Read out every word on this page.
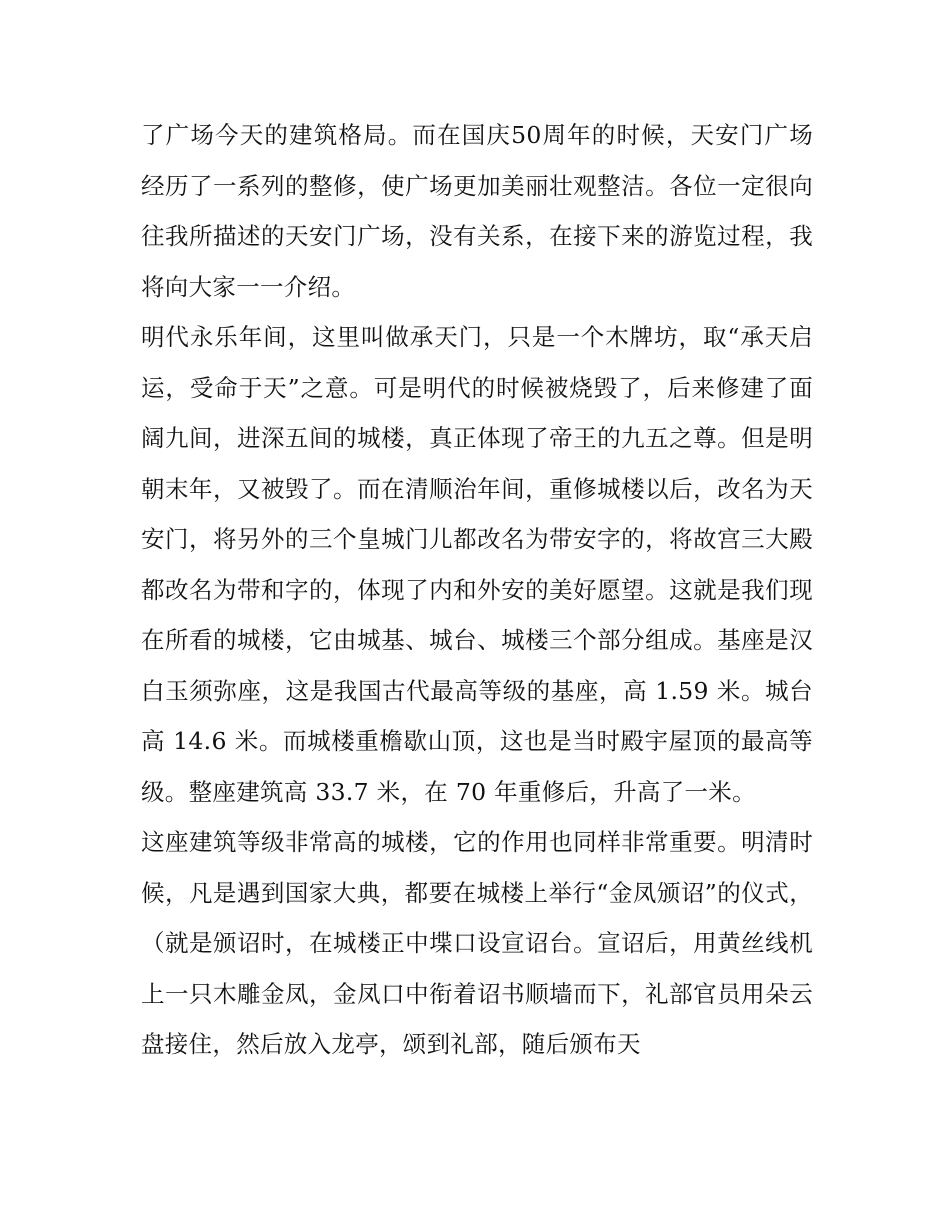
了广场今天的建筑格局。而在国庆50周年的时候，天安门广场经历了一系列的整修，使广场更加美丽壮观整洁。各位一定很向往我所描述的天安门广场，没有关系，在接下来的游览过程，我将向大家一一介绍。

明代永乐年间，这里叫做承天门，只是一个木牌坊，取“承天启运，受命于天”之意。可是明代的时候被烧毁了，后来修建了面阔九间，进深五间的城楼，真正体现了帝王的九五之尊。但是明朝末年，又被毁了。而在清顺治年间，重修城楼以后，改名为天安门，将另外的三个皇城门儿都改名为带安字的，将故宫三大殿都改名为带和字的，体现了内和外安的美好愿望。这就是我们现在所看的城楼，它由城基、城台、城楼三个部分组成。基座是汉白玉须弥座，这是我国古代最高等级的基座，高 1.59 米。城台高 14.6 米。而城楼重檐歇山顶，这也是当时殿宇屋顶的最高等级。整座建筑高 33.7 米，在 70 年重修后，升高了一米。

这座建筑等级非常高的城楼，它的作用也同样非常重要。明清时候，凡是遇到国家大典，都要在城楼上举行“金凤颁诏”的仪式，（就是颁诏时，在城楼正中堞口设宣诏台。宣诏后，用黄丝线机上一只木雕金凤，金凤口中衔着诏书顺墙而下，礼部官员用朵云盘接住，然后放入龙亭，颂到礼部，随后颁布天
